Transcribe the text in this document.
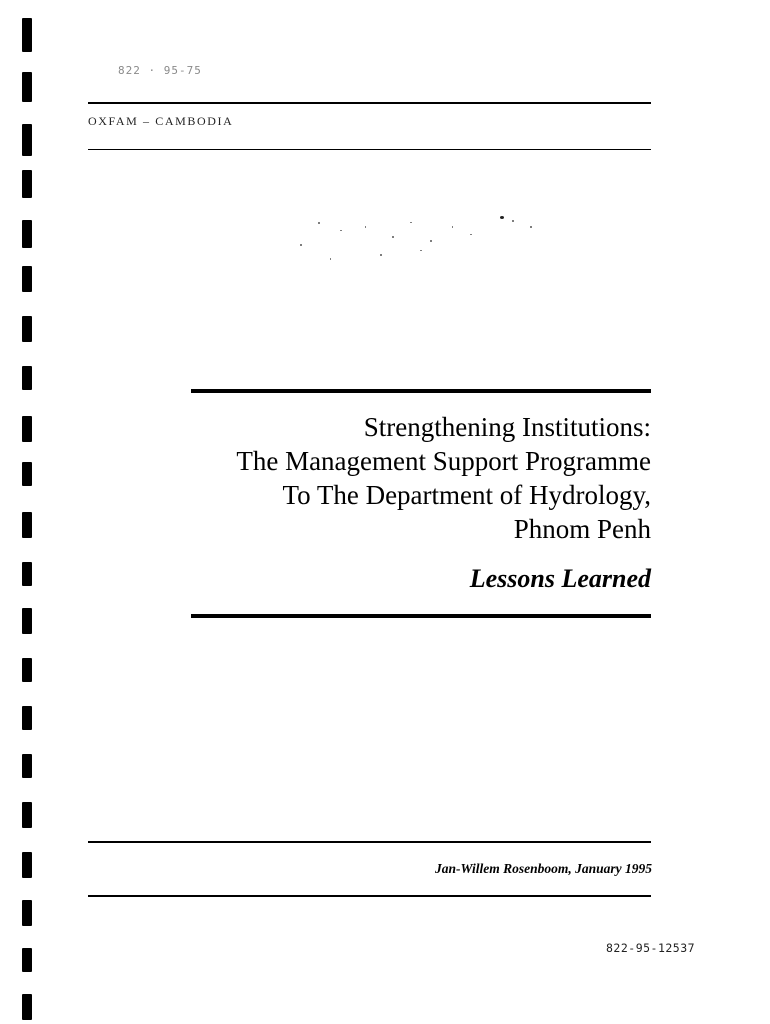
822 · 95-75
OXFAM – CAMBODIA
Strengthening Institutions:
The Management Support Programme
To The Department of Hydrology,
Phnom Penh
Lessons Learned
Jan-Willem Rosenboom, January 1995
822-95-12537
